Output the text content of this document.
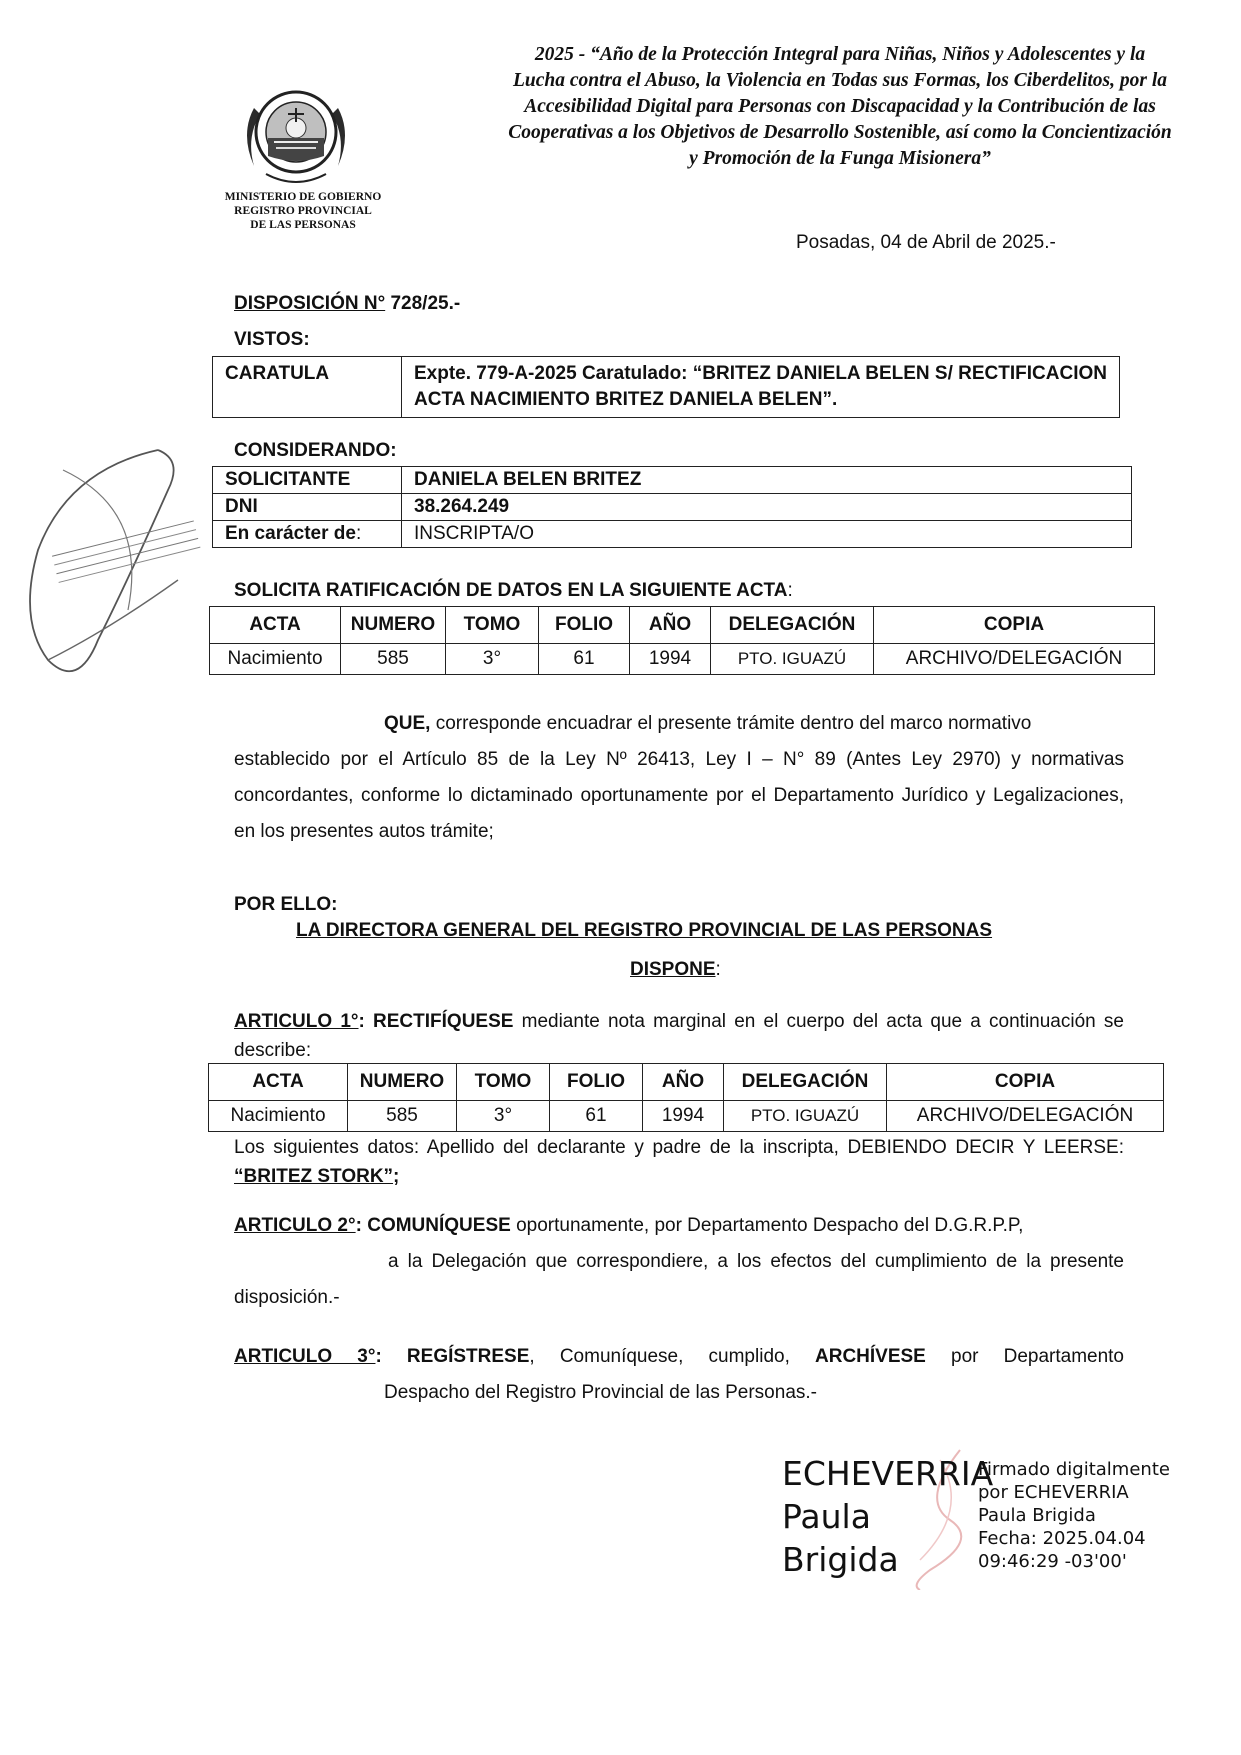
MINISTERIO DE GOBIERNO
REGISTRO PROVINCIAL
DE LAS PERSONAS
2025 - “Año de la Protección Integral para Niñas, Niños y Adolescentes y la
Lucha contra el Abuso, la Violencia en Todas sus Formas, los Ciberdelitos, por la
Accesibilidad Digital para Personas con Discapacidad y la Contribución de las
Cooperativas a los Objetivos de Desarrollo Sostenible, así como la Concientización
y Promoción de la Funga Misionera”
Posadas, 04 de Abril de 2025.-
DISPOSICIÓN N° 728/25.-
VISTOS:
CARATULA	Expte. 779-A-2025 Caratulado: “BRITEZ DANIELA BELEN S/ RECTIFICACION ACTA NACIMIENTO BRITEZ DANIELA BELEN”.
CONSIDERANDO:
SOLICITANTE	DANIELA BELEN BRITEZ
DNI	38.264.249
En carácter de:	INSCRIPTA/O
SOLICITA RATIFICACIÓN DE DATOS EN LA SIGUIENTE ACTA:
ACTA	NUMERO	TOMO	FOLIO	AÑO	DELEGACIÓN	COPIA
Nacimiento	585	3°	61	1994	PTO. IGUAZÚ	ARCHIVO/DELEGACIÓN
QUE, corresponde encuadrar el presente trámite dentro del marco normativo
establecido por el Artículo 85 de la Ley Nº 26413, Ley I – N° 89 (Antes Ley 2970) y normativas concordantes, conforme lo dictaminado oportunamente por el Departamento Jurídico y Legalizaciones, en los presentes autos trámite;
POR ELLO:
LA DIRECTORA GENERAL DEL REGISTRO PROVINCIAL DE LAS PERSONAS
DISPONE:
ARTICULO 1°: RECTIFÍQUESE mediante nota marginal en el cuerpo del acta que a continuación se describe:
ACTA	NUMERO	TOMO	FOLIO	AÑO	DELEGACIÓN	COPIA
Nacimiento	585	3°	61	1994	PTO. IGUAZÚ	ARCHIVO/DELEGACIÓN
Los siguientes datos: Apellido del declarante y padre de la inscripta, DEBIENDO DECIR Y LEERSE: “BRITEZ STORK”;
ARTICULO 2°: COMUNÍQUESE oportunamente, por Departamento Despacho del D.G.R.P.P,
a la Delegación que correspondiere, a los efectos del cumplimiento de la presente disposición.-
ARTICULO 3°: REGÍSTRESE, Comuníquese, cumplido, ARCHÍVESE por Departamento
Despacho del Registro Provincial de las Personas.-
ECHEVERRIA
Paula
Brigida
Firmado digitalmente
por ECHEVERRIA
Paula Brigida
Fecha: 2025.04.04
09:46:29 -03'00'
